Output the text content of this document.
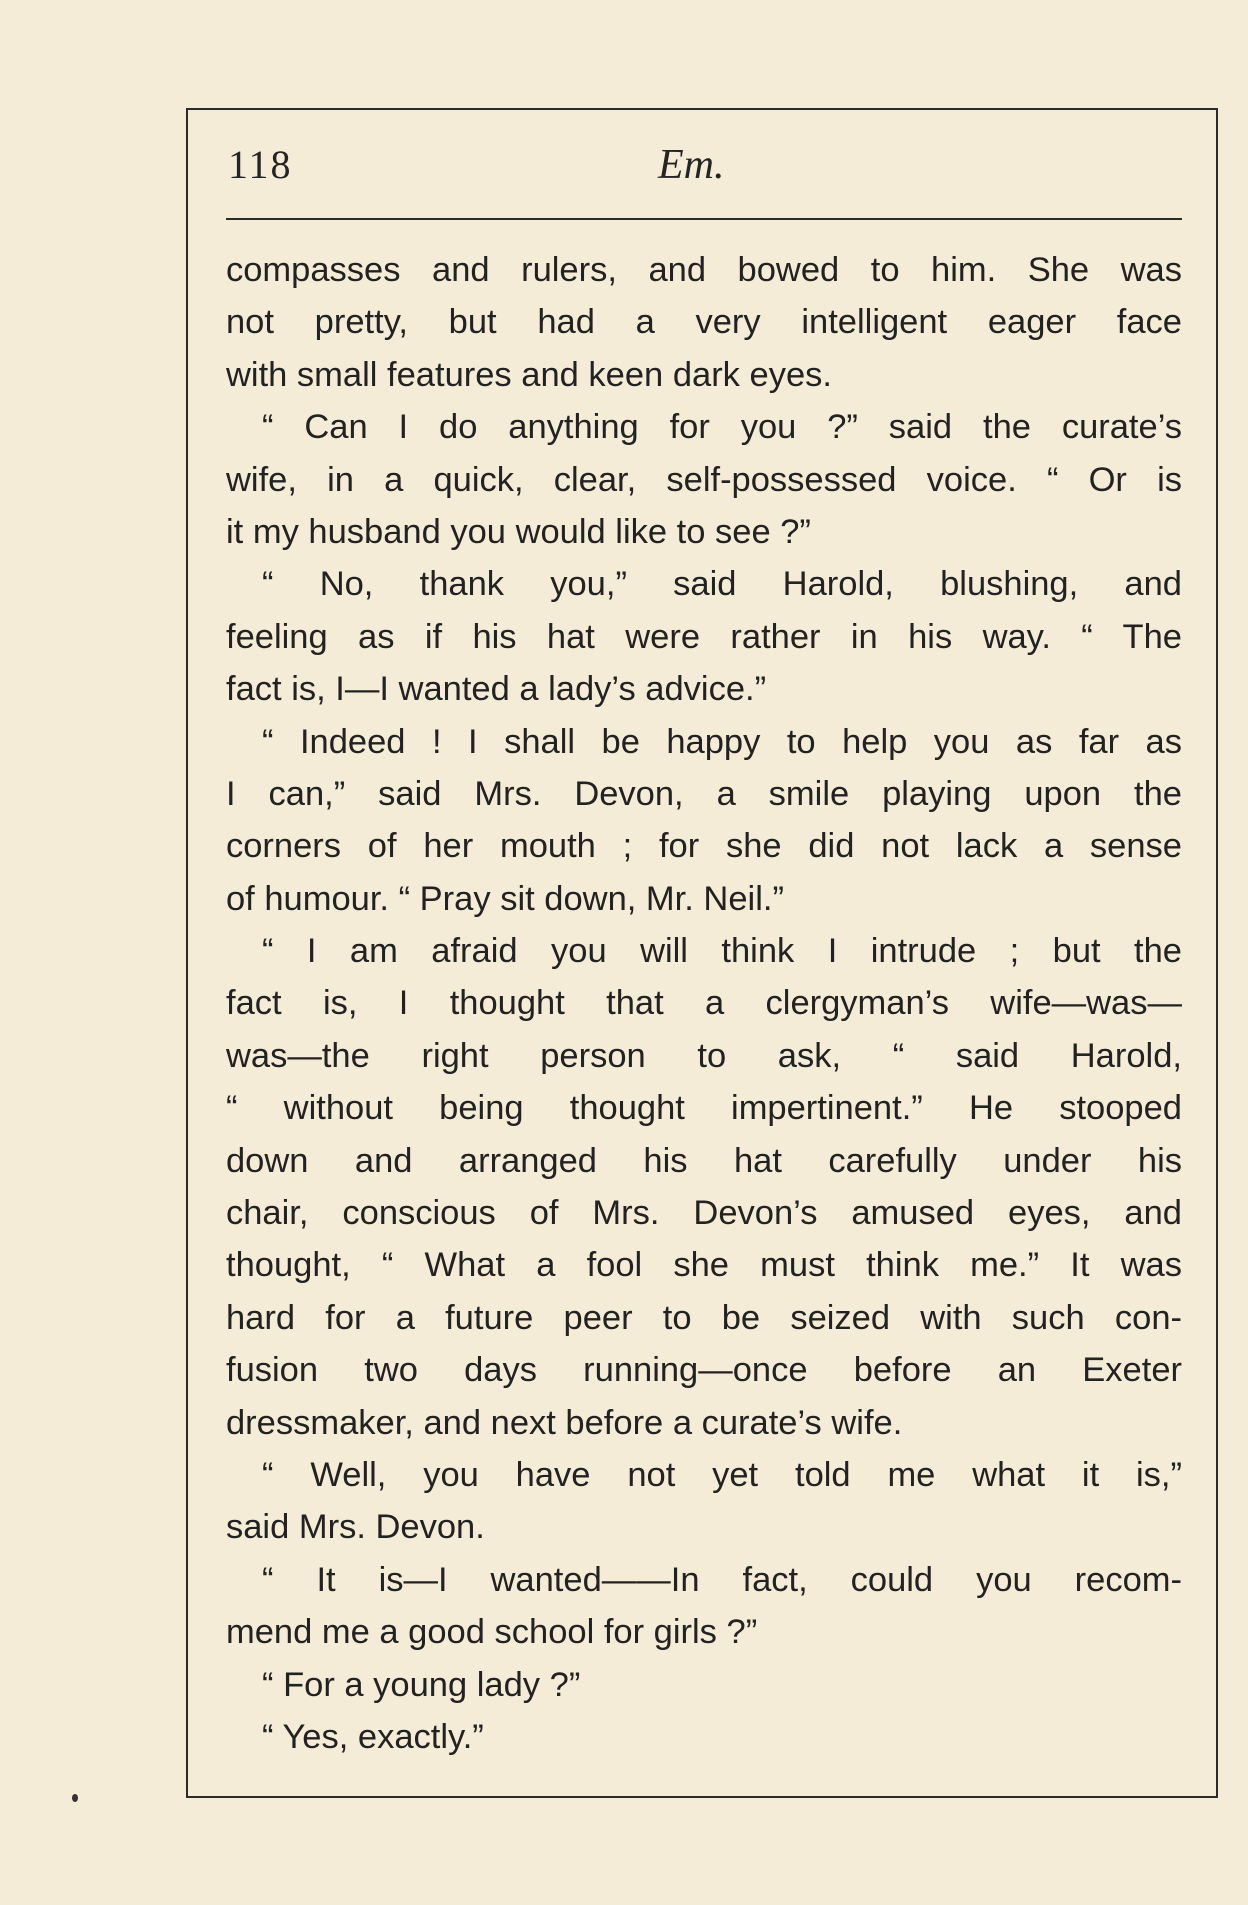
118	Em.
compasses and rulers, and bowed to him. She was
not pretty, but had a very intelligent eager face
with small features and keen dark eyes.
“ Can I do anything for you ?” said the curate’s
wife, in a quick, clear, self-possessed voice. “ Or is
it my husband you would like to see ?”
“ No, thank you,” said Harold, blushing, and
feeling as if his hat were rather in his way. “ The
fact is, I—I wanted a lady’s advice.”
“ Indeed ! I shall be happy to help you as far as
I can,” said Mrs. Devon, a smile playing upon the
corners of her mouth ; for she did not lack a sense
of humour. “ Pray sit down, Mr. Neil.”
“ I am afraid you will think I intrude ; but the
fact is, I thought that a clergyman’s wife—was—
was—the right person to ask, “ said Harold,
“ without being thought impertinent.” He stooped
down and arranged his hat carefully under his
chair, conscious of Mrs. Devon’s amused eyes, and
thought, “ What a fool she must think me.” It was
hard for a future peer to be seized with such con-
fusion two days running—once before an Exeter
dressmaker, and next before a curate’s wife.
“ Well, you have not yet told me what it is,”
said Mrs. Devon.
“ It is—I wanted——In fact, could you recom-
mend me a good school for girls ?”
“ For a young lady ?”
“ Yes, exactly.”
